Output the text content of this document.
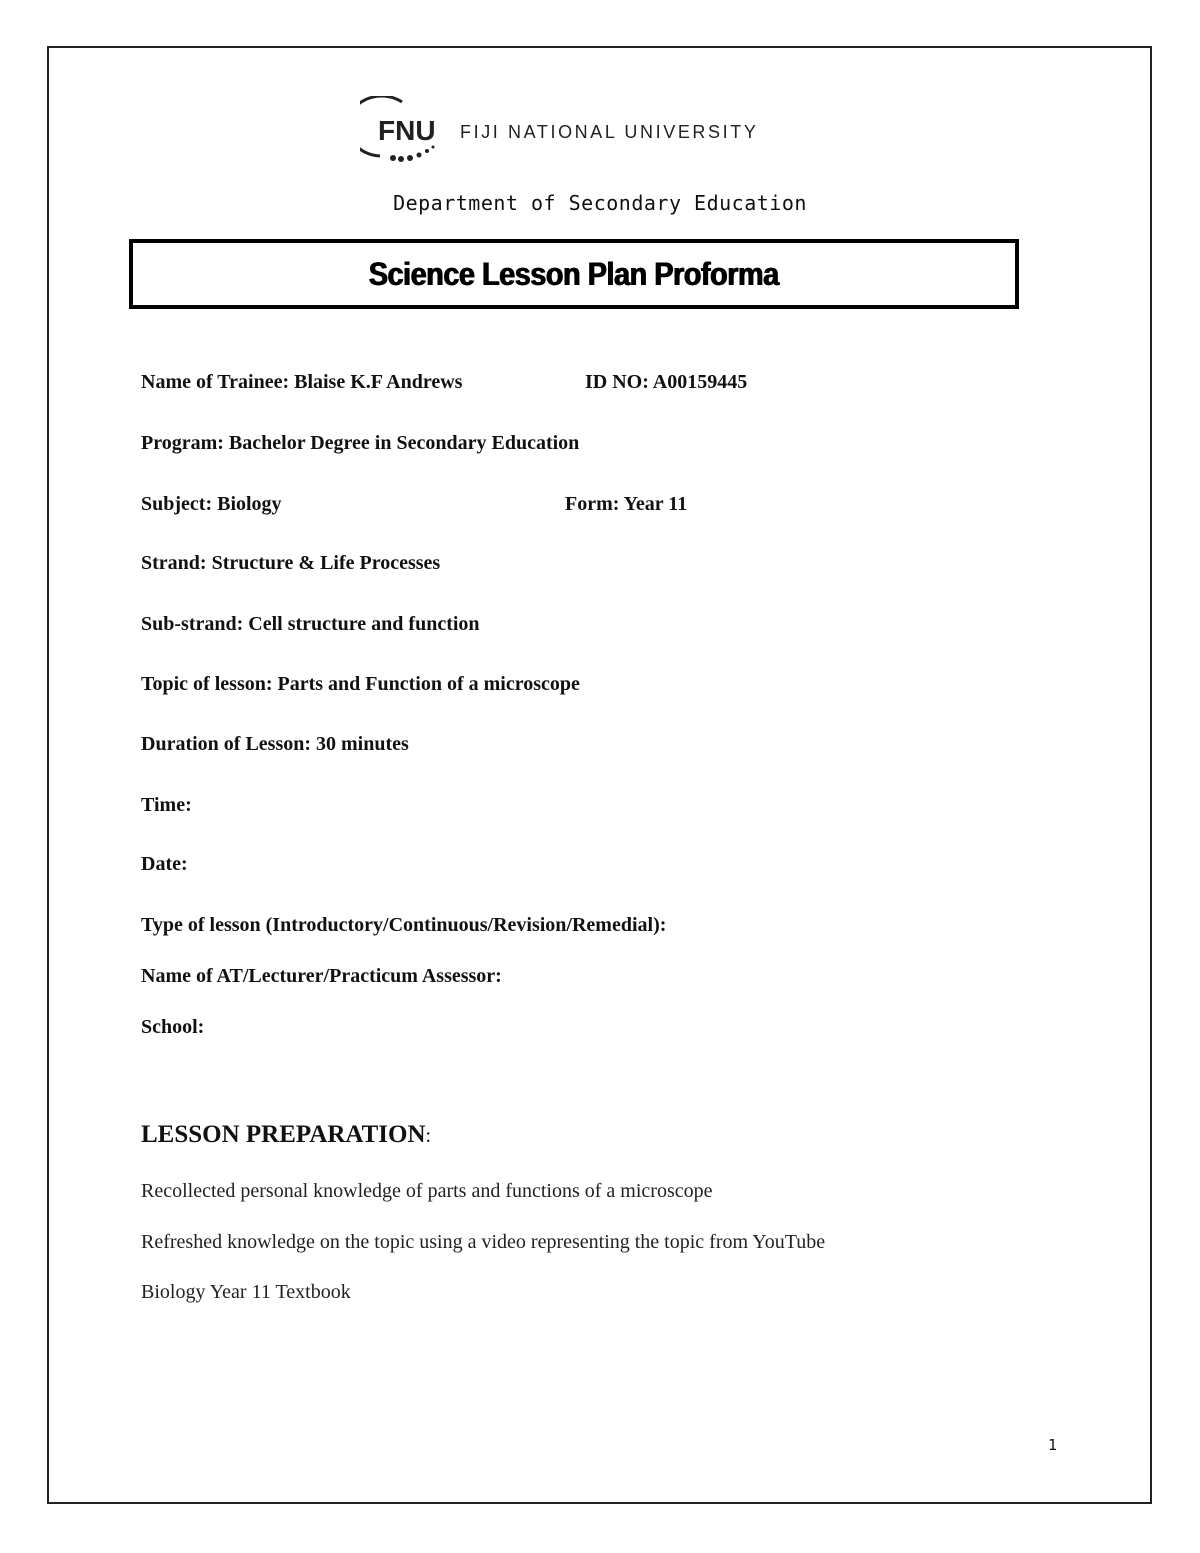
FNU FIJI NATIONAL UNIVERSITY
Department of Secondary Education
Science Lesson Plan Proforma
Name of Trainee: Blaise K.F Andrews	ID NO: A00159445
Program: Bachelor Degree in Secondary Education
Subject: Biology	Form: Year 11
Strand: Structure & Life Processes
Sub-strand: Cell structure and function
Topic of lesson: Parts and Function of a microscope
Duration of Lesson: 30 minutes
Time:
Date:
Type of lesson (Introductory/Continuous/Revision/Remedial):
Name of AT/Lecturer/Practicum Assessor:
School:
LESSON PREPARATION:
Recollected personal knowledge of parts and functions of a microscope
Refreshed knowledge on the topic using a video representing the topic from YouTube
Biology Year 11 Textbook
1
